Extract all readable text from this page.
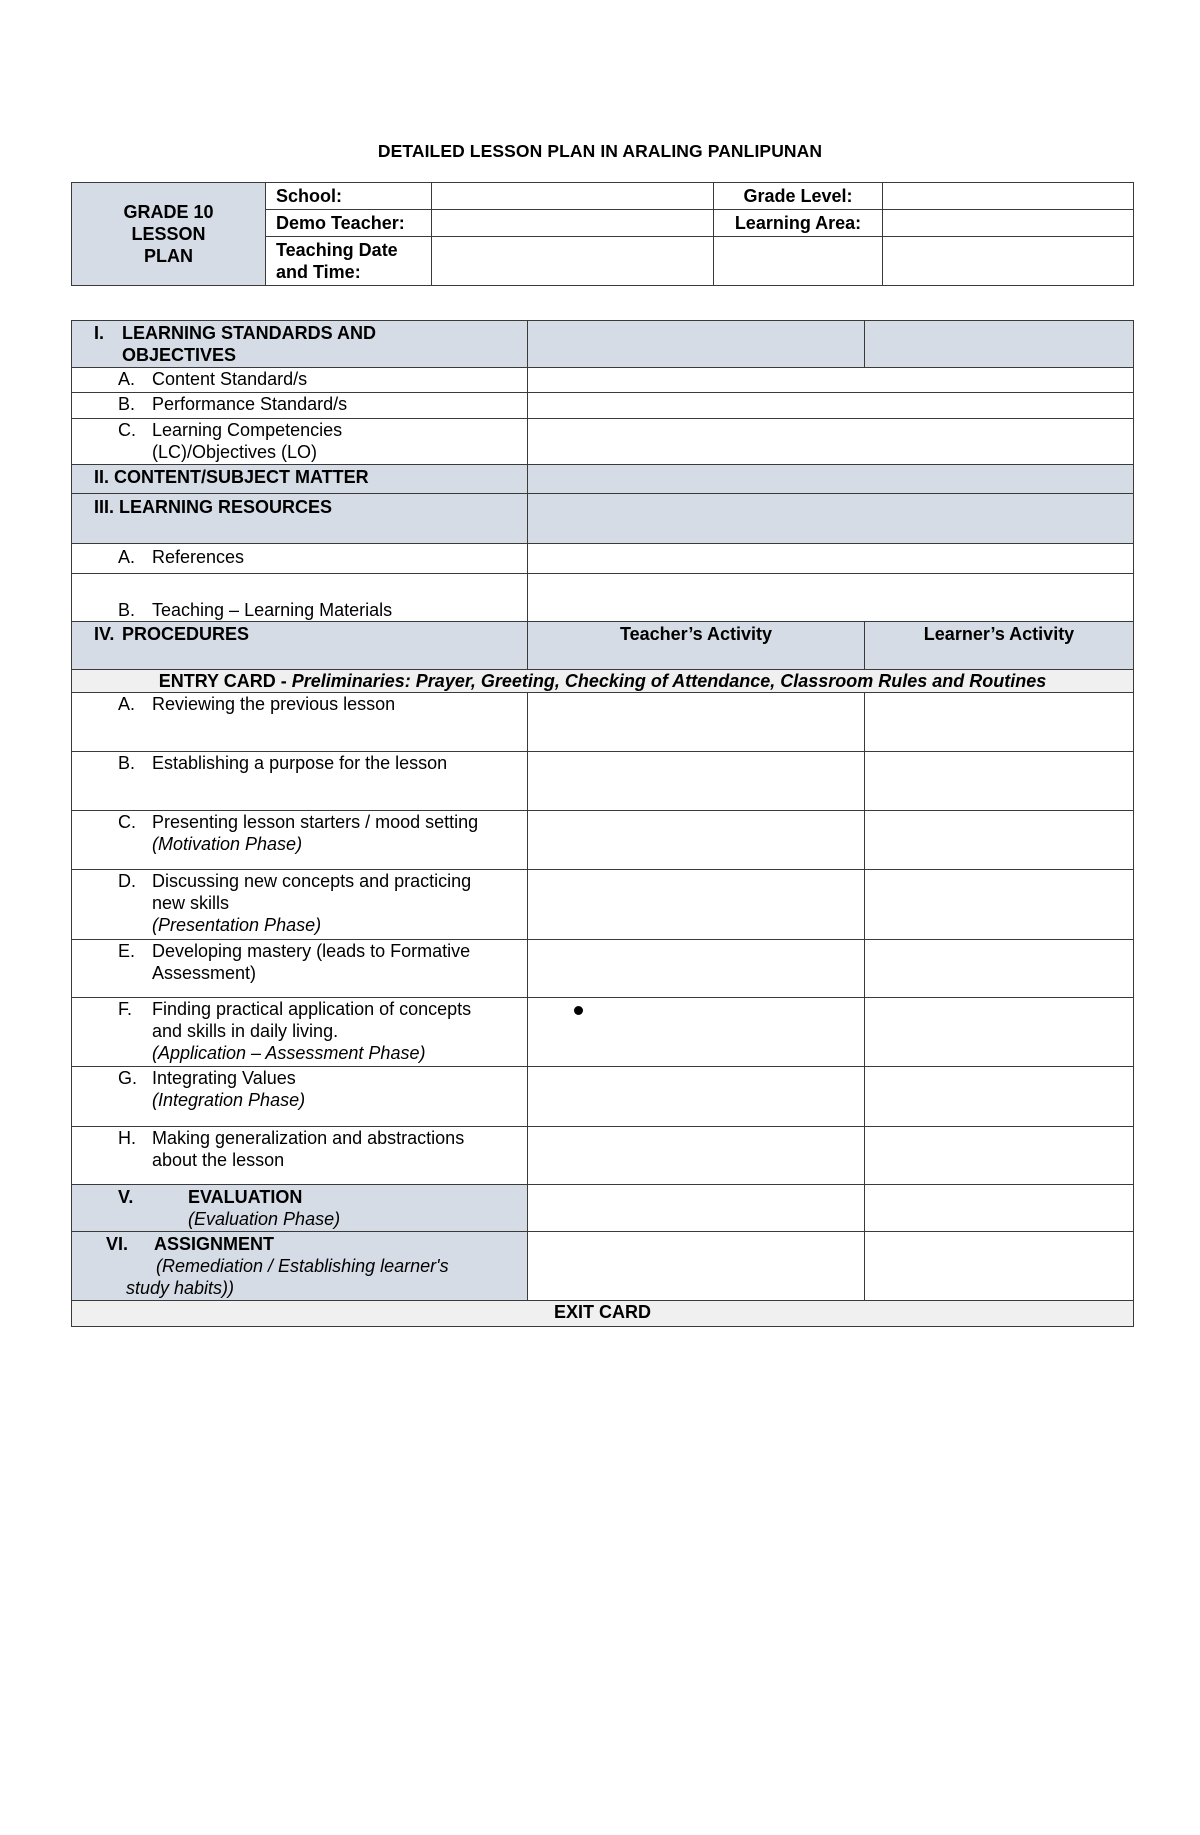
DETAILED LESSON PLAN IN ARALING PANLIPUNAN
GRADE 10
LESSON
PLAN	School:		Grade Level:	
	Demo Teacher:		Learning Area:	

	Teaching Date
and Time:			

I. LEARNING STANDARDS AND
OBJECTIVES		

A. Content Standard/s		

B. Performance Standard/s		

C. Learning Competencies
(LC)/Objectives (LO)		

II. CONTENT/SUBJECT MATTER		
III. LEARNING RESOURCES		

A. References		

B. Teaching – Learning Materials		

IV. PROCEDURES	Teacher’s Activity	Learner’s Activity
ENTRY CARD - Preliminaries: Prayer, Greeting, Checking of Attendance, Classroom Rules and Routines		

A. Reviewing the previous lesson		

B. Establishing a purpose for the lesson		

C. Presenting lesson starters / mood setting
(Motivation Phase)		

D. Discussing new concepts and practicing
new skills
(Presentation Phase)		

E. Developing mastery (leads to Formative
Assessment)		

F. Finding practical application of concepts
and skills in daily living.
(Application – Assessment Phase)		

G. Integrating Values
(Integration Phase)		

H. Making generalization and abstractions
about the lesson		

V. EVALUATION
(Evaluation Phase)		

VI. ASSIGNMENT
(Remediation / Establishing learner's
study habits))		

EXIT CARD		
